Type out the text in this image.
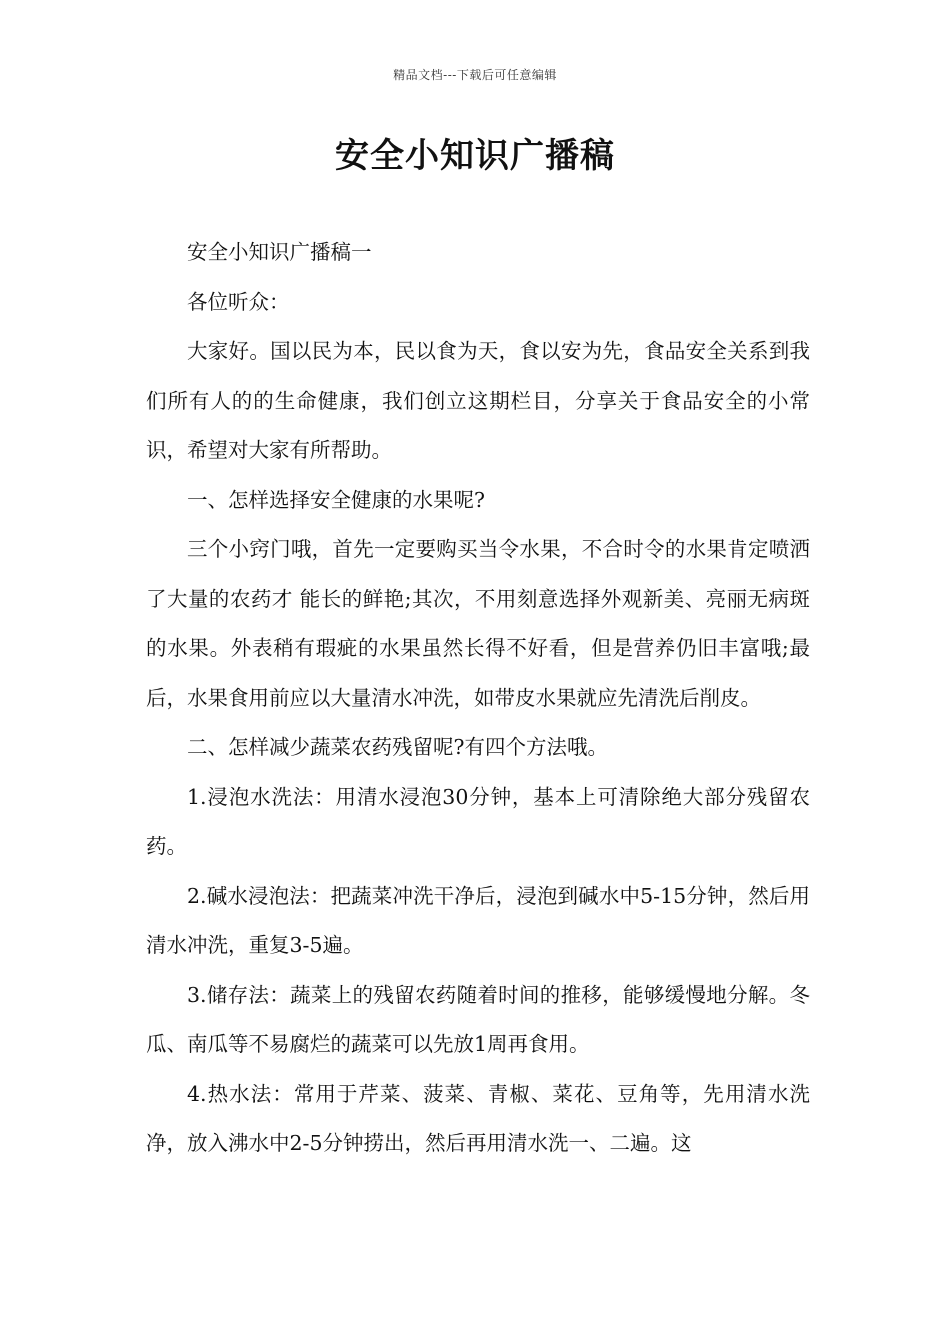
精品文档---下载后可任意编辑
安全小知识广播稿

安全小知识广播稿一

各位听众：

大家好。国以民为本，民以食为天，食以安为先，食品安全关系到我们所有人的的生命健康，我们创立这期栏目，分享关于食品安全的小常识，希望对大家有所帮助。

一、怎样选择安全健康的水果呢?

三个小窍门哦，首先一定要购买当令水果，不合时令的水果肯定喷洒了大量的农药才 能长的鲜艳;其次，不用刻意选择外观新美、亮丽无病斑的水果。外表稍有瑕疵的水果虽然长得不好看，但是营养仍旧丰富哦;最后，水果食用前应以大量清水冲洗，如带皮水果就应先清洗后削皮。

二、怎样减少蔬菜农药残留呢?有四个方法哦。

1.浸泡水洗法：用清水浸泡30分钟，基本上可清除绝大部分残留农药。

2.碱水浸泡法：把蔬菜冲洗干净后，浸泡到碱水中5-15分钟，然后用清水冲洗，重复3-5遍。

3.储存法：蔬菜上的残留农药随着时间的推移，能够缓慢地分解。冬瓜、南瓜等不易腐烂的蔬菜可以先放1周再食用。

4.热水法：常用于芹菜、菠菜、青椒、菜花、豆角等，先用清水洗净，放入沸水中2-5分钟捞出，然后再用清水洗一、二遍。这
